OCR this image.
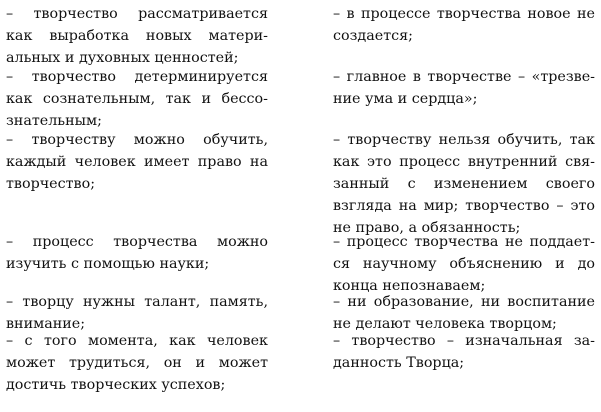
– творчество рассматривается
как выработка новых матери-
альных и духовных ценностей;

– творчество детерминируется
как сознательным, так и бессо-
знательным;

– творчеству можно обучить,
каждый человек имеет право на
творчество;

– процесс творчества можно
изучить с помощью науки;

– творцу нужны талант, память,
внимание;

– с того момента, как человек
может трудиться, он и может
достичь творческих успехов;

– в процессе творчества новое не
создается;

– главное в творчестве – «трезве-
ние ума и сердца»;

– творчеству нельзя обучить, так
как это процесс внутренний свя-
занный с изменением своего
взгляда на мир; творчество – это
не право, а обязанность;

– процесс творчества не поддает-
ся научному объяснению и до
конца непознаваем;

– ни образование, ни воспитание
не делают человека творцом;

– творчество – изначальная за-
данность Творца;
